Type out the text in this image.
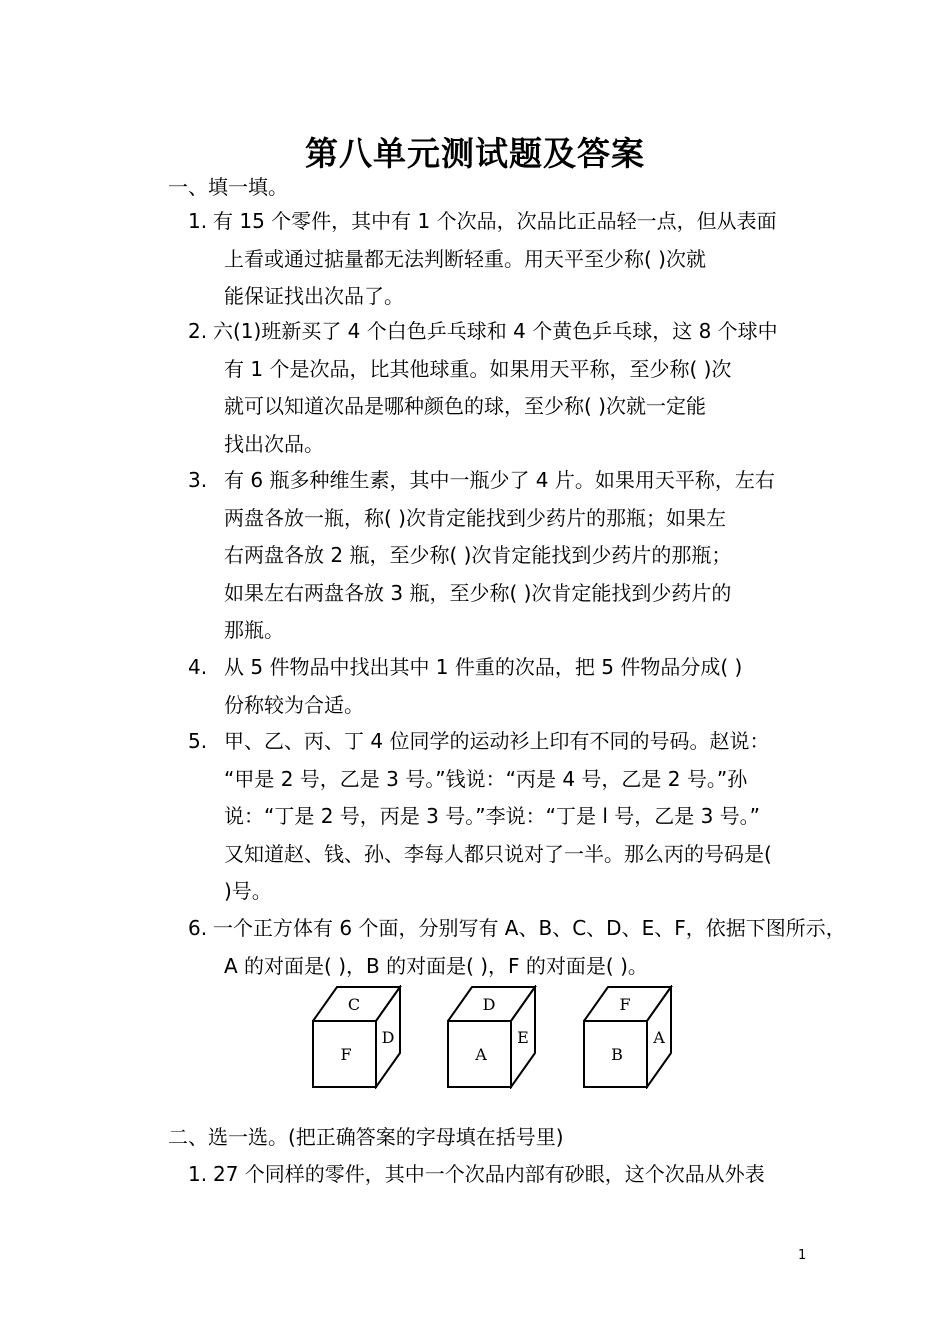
第八单元测试题及答案
一、填一填。
1. 有 15 个零件，其中有 1 个次品，次品比正品轻一点，但从表面
上看或通过掂量都无法判断轻重。用天平至少称( )次就
能保证找出次品了。
2. 六(1)班新买了 4 个白色乒乓球和 4 个黄色乒乓球，这 8 个球中
有 1 个是次品，比其他球重。如果用天平称，至少称( )次
就可以知道次品是哪种颜色的球，至少称( )次就一定能
找出次品。
3. 有 6 瓶多种维生素，其中一瓶少了 4 片。如果用天平称，左右
两盘各放一瓶，称( )次肯定能找到少药片的那瓶；如果左
右两盘各放 2 瓶，至少称( )次肯定能找到少药片的那瓶；
如果左右两盘各放 3 瓶，至少称( )次肯定能找到少药片的
那瓶。
4. 从 5 件物品中找出其中 1 件重的次品，把 5 件物品分成( )
份称较为合适。
5. 甲、乙、丙、丁 4 位同学的运动衫上印有不同的号码。赵说：
“甲是 2 号，乙是 3 号。”钱说：“丙是 4 号，乙是 2 号。”孙
说：“丁是 2 号，丙是 3 号。”李说：“丁是 l 号，乙是 3 号。”
又知道赵、钱、孙、李每人都只说对了一半。那么丙的号码是(
)号。
6. 一个正方体有 6 个面，分别写有 A、B、C、D、E、F，依据下图所示，
A 的对面是( )，B 的对面是( )，F 的对面是( )。
C
D
F
D
E
A
F
A
B
二、选一选。(把正确答案的字母填在括号里)
1. 27 个同样的零件，其中一个次品内部有砂眼，这个次品从外表
1
